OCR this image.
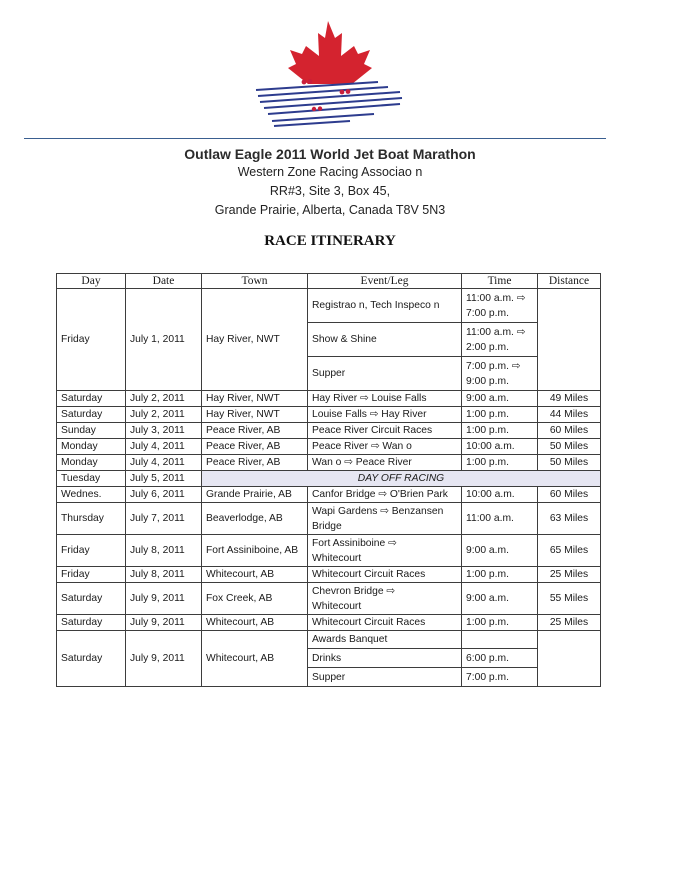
Outlaw Eagle 2011 World Jet Boat Marathon
Western Zone Racing Associao n
RR#3, Site 3, Box 45,
Grande Prairie, Alberta, Canada T8V 5N3
RACE ITINERARY
Day	Date	Town	Event/Leg	Time	Distance
Friday	July 1, 2011	Hay River, NWT	Registrao n, Tech Inspeco n	11:00 a.m. ⇨
7:00 p.m.	
			Show & Shine	11:00 a.m. ⇨
2:00 p.m.	
			Supper	7:00 p.m. ⇨
9:00 p.m.	
Saturday	July 2, 2011	Hay River, NWT	Hay River ⇨ Louise Falls	9:00 a.m.	49 Miles
Saturday	July 2, 2011	Hay River, NWT	Louise Falls ⇨ Hay River	1:00 p.m.	44 Miles
Sunday	July 3, 2011	Peace River, AB	Peace River Circuit Races	1:00 p.m.	60 Miles
Monday	July 4, 2011	Peace River, AB	Peace River ⇨ Wan o	10:00 a.m.	50 Miles
Monday	July 4, 2011	Peace River, AB	Wan o ⇨ Peace River	1:00 p.m.	50 Miles
Tuesday	July 5, 2011	DAY OFF RACING			
Wednes.	July 6, 2011	Grande Prairie, AB	Canfor Bridge ⇨ O'Brien Park	10:00 a.m.	60 Miles
Thursday	July 7, 2011	Beaverlodge, AB	Wapi Gardens ⇨ Benzansen
Bridge	11:00 a.m.	63 Miles
Friday	July 8, 2011	Fort Assiniboine, AB	Fort Assiniboine ⇨
Whitecourt	9:00 a.m.	65 Miles
Friday	July 8, 2011	Whitecourt, AB	Whitecourt Circuit Races	1:00 p.m.	25 Miles
Saturday	July 9, 2011	Fox Creek, AB	Chevron Bridge ⇨
Whitecourt	9:00 a.m.	55 Miles
Saturday	July 9, 2011	Whitecourt, AB	Whitecourt Circuit Races	1:00 p.m.	25 Miles
Saturday	July 9, 2011	Whitecourt, AB	Awards Banquet		
			Drinks	6:00 p.m.	
			Supper	7:00 p.m.	
